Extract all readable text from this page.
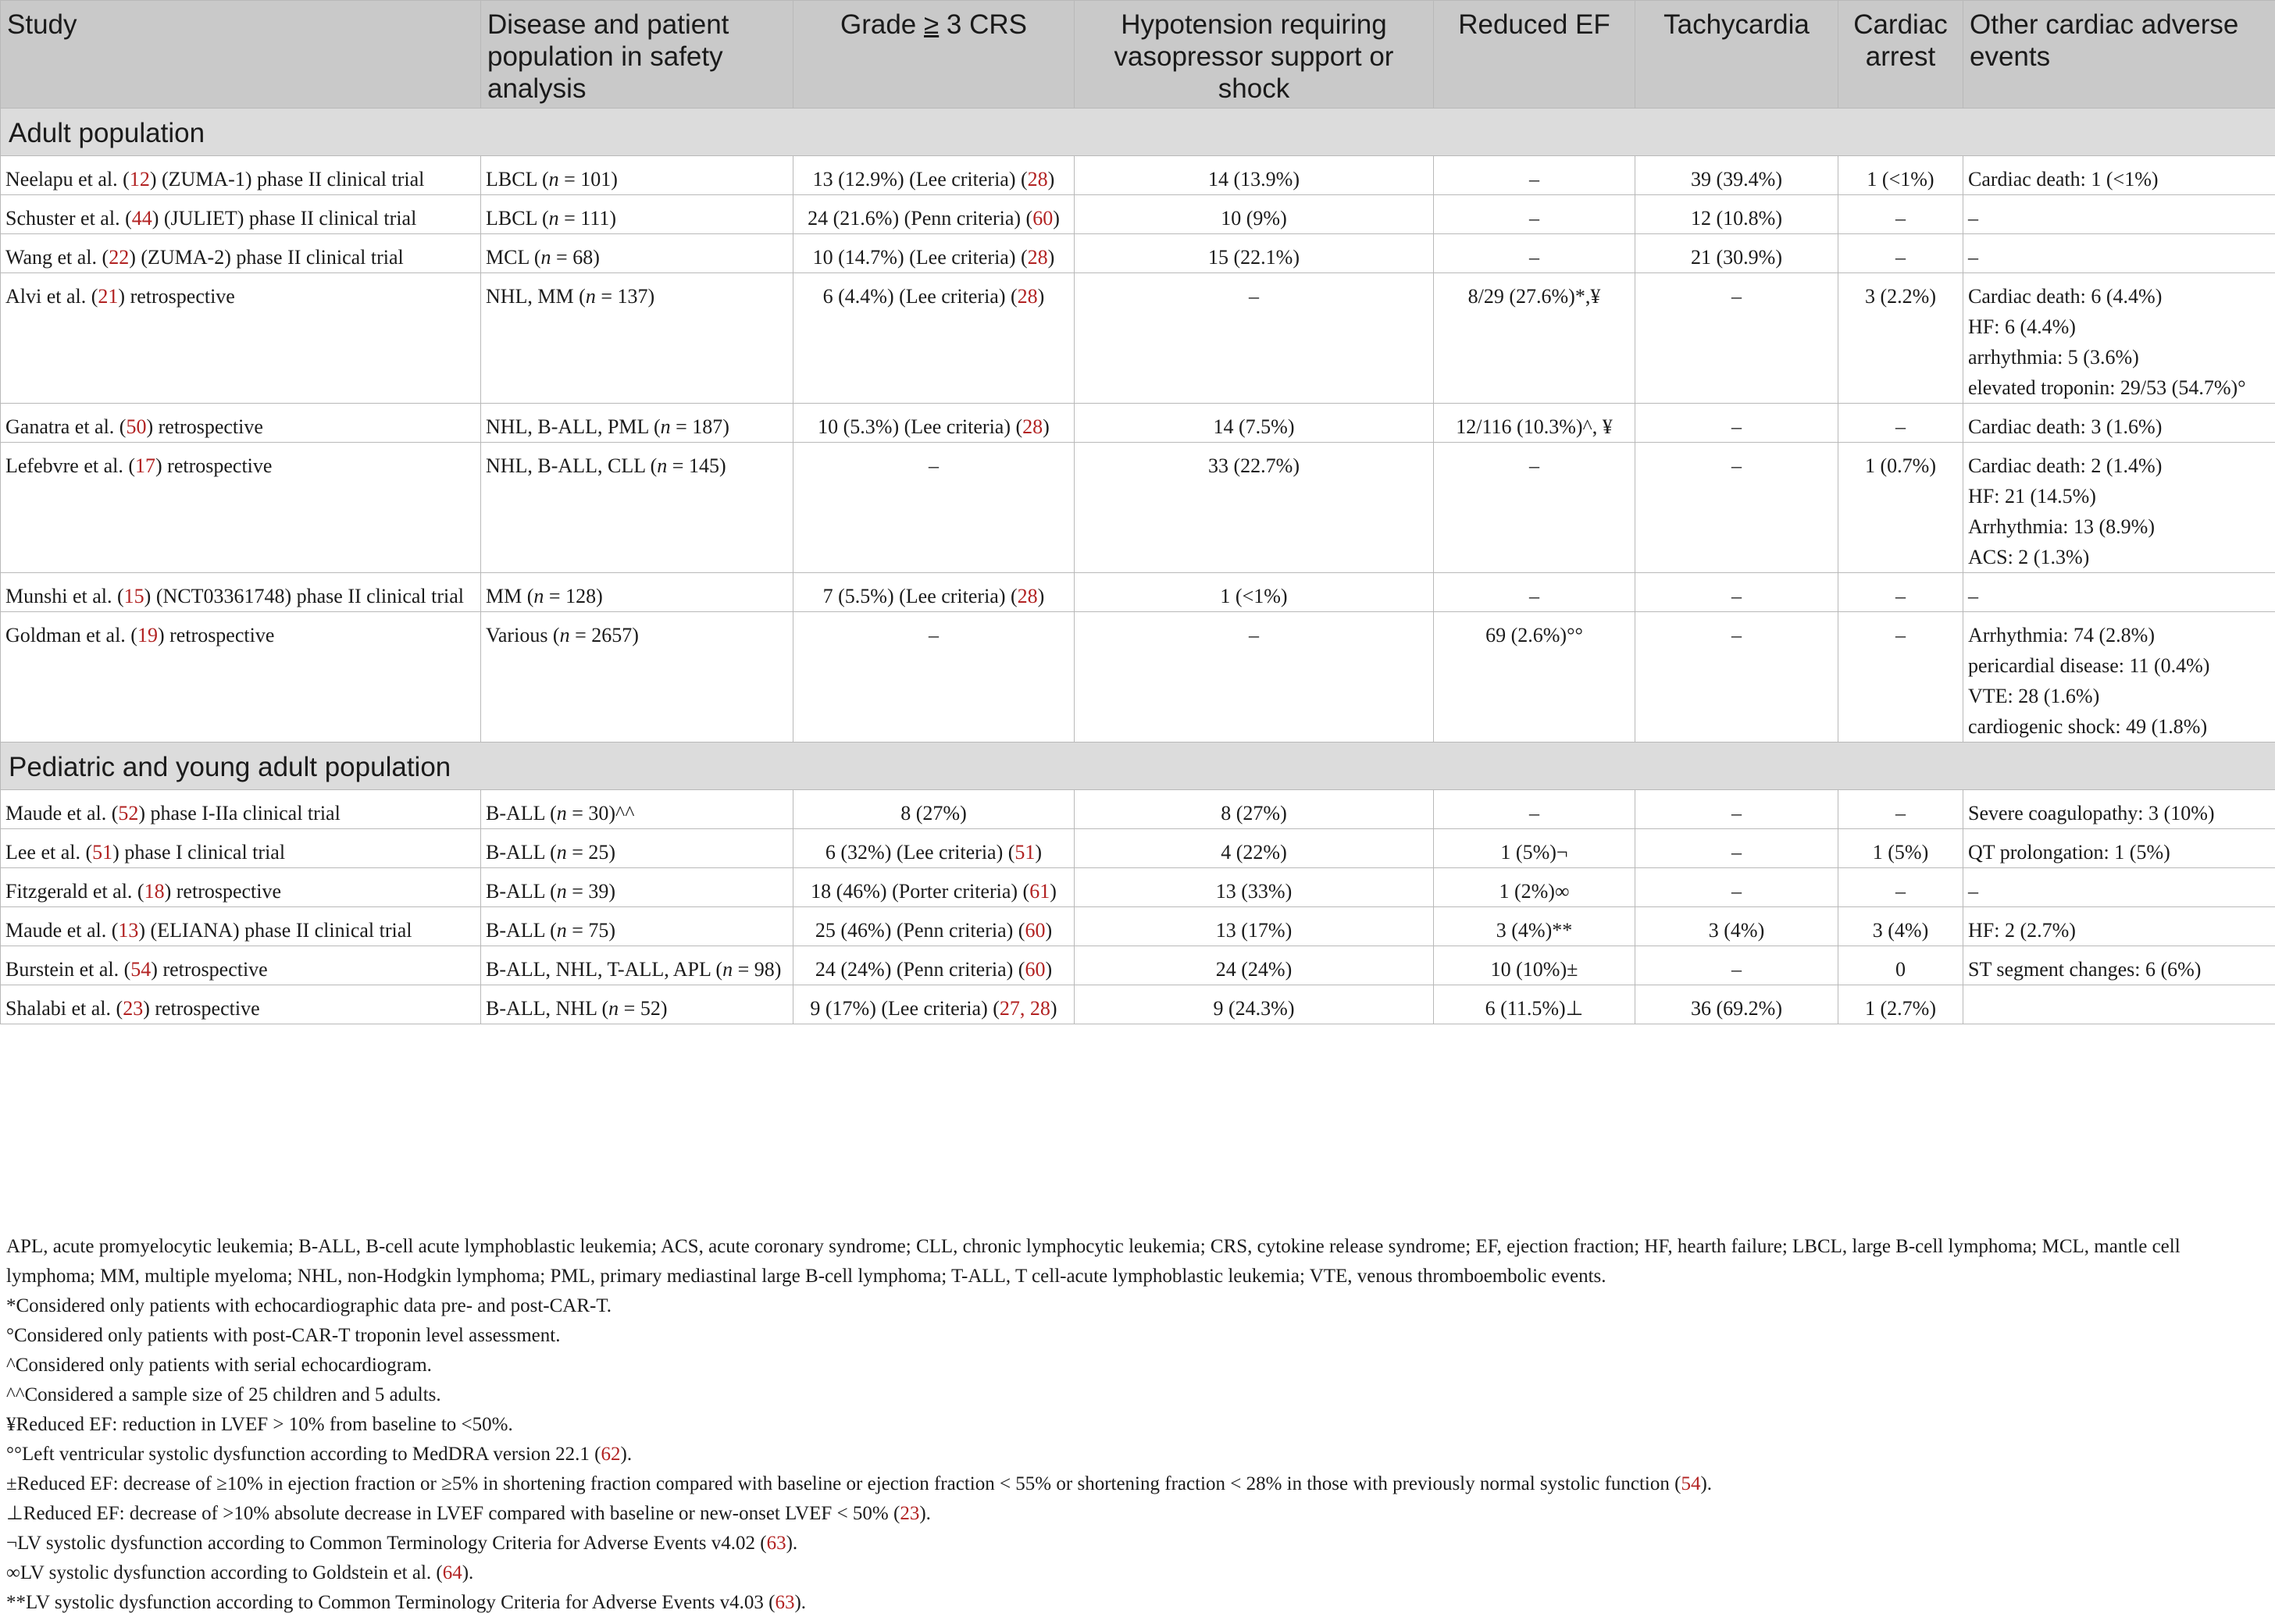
Study	Disease and patient population in safety analysis	Grade ≥ 3 CRS	Hypotension requiring vasopressor support or shock	Reduced EF	Tachycardia	Cardiac arrest	Other cardiac adverse events
Adult population							
Neelapu et al. (12) (ZUMA-1) phase II clinical trial	LBCL (n = 101)	13 (12.9%) (Lee criteria) (28)	14 (13.9%)	–	39 (39.4%)	1 (<1%)	Cardiac death: 1 (<1%)

Schuster et al. (44) (JULIET) phase II clinical trial	LBCL (n = 111)	24 (21.6%) (Penn criteria) (60)	10 (9%)	–	12 (10.8%)	–	–

Wang et al. (22) (ZUMA-2) phase II clinical trial	MCL (n = 68)	10 (14.7%) (Lee criteria) (28)	15 (22.1%)	–	21 (30.9%)	–	–

Alvi et al. (21) retrospective	NHL, MM (n = 137)	6 (4.4%) (Lee criteria) (28)	–	8/29 (27.6%)*,¥	–	3 (2.2%)	Cardiac death: 6 (4.4%)
HF: 6 (4.4%)
arrhythmia: 5 (3.6%)
elevated troponin: 29/53 (54.7%)°

Ganatra et al. (50) retrospective	NHL, B-ALL, PML (n = 187)	10 (5.3%) (Lee criteria) (28)	14 (7.5%)	12/116 (10.3%)^, ¥	–	–	Cardiac death: 3 (1.6%)

Lefebvre et al. (17) retrospective	NHL, B-ALL, CLL (n = 145)	–	33 (22.7%)	–	–	1 (0.7%)	Cardiac death: 2 (1.4%)
HF: 21 (14.5%)
Arrhythmia: 13 (8.9%)
ACS: 2 (1.3%)

Munshi et al. (15) (NCT03361748) phase II clinical trial	MM (n = 128)	7 (5.5%) (Lee criteria) (28)	1 (<1%)	–	–	–	–

Goldman et al. (19) retrospective	Various (n = 2657)	–	–	69 (2.6%)°°	–	–	Arrhythmia: 74 (2.8%)
pericardial disease: 11 (0.4%)
VTE: 28 (1.6%)
cardiogenic shock: 49 (1.8%)

Pediatric and young adult population							
Maude et al. (52) phase I-IIa clinical trial	B-ALL (n = 30)^^	8 (27%)	8 (27%)	–	–	–	Severe coagulopathy: 3 (10%)

Lee et al. (51) phase I clinical trial	B-ALL (n = 25)	6 (32%) (Lee criteria) (51)	4 (22%)	1 (5%)¬	–	1 (5%)	QT prolongation: 1 (5%)

Fitzgerald et al. (18) retrospective	B-ALL (n = 39)	18 (46%) (Porter criteria) (61)	13 (33%)	1 (2%)∞	–	–	–

Maude et al. (13) (ELIANA) phase II clinical trial	B-ALL (n = 75)	25 (46%) (Penn criteria) (60)	13 (17%)	3 (4%)**	3 (4%)	3 (4%)	HF: 2 (2.7%)

Burstein et al. (54) retrospective	B-ALL, NHL, T-ALL, APL (n = 98)	24 (24%) (Penn criteria) (60)	24 (24%)	10 (10%)±	–	0	ST segment changes: 6 (6%)

Shalabi et al. (23) retrospective	B-ALL, NHL (n = 52)	9 (17%) (Lee criteria) (27, 28)	9 (24.3%)	6 (11.5%)⊥	36 (69.2%)	1 (2.7%)	

APL, acute promyelocytic leukemia; B-ALL, B-cell acute lymphoblastic leukemia; ACS, acute coronary syndrome; CLL, chronic lymphocytic leukemia; CRS, cytokine release syndrome; EF, ejection fraction; HF, hearth failure; LBCL, large B-cell lymphoma; MCL, mantle cell lymphoma; MM, multiple myeloma; NHL, non-Hodgkin lymphoma; PML, primary mediastinal large B-cell lymphoma; T-ALL, T cell-acute lymphoblastic leukemia; VTE, venous thromboembolic events.

*Considered only patients with echocardiographic data pre- and post-CAR-T.

°Considered only patients with post-CAR-T troponin level assessment.

^Considered only patients with serial echocardiogram.

^^Considered a sample size of 25 children and 5 adults.

¥Reduced EF: reduction in LVEF > 10% from baseline to <50%.

°°Left ventricular systolic dysfunction according to MedDRA version 22.1 (62).

±Reduced EF: decrease of ≥10% in ejection fraction or ≥5% in shortening fraction compared with baseline or ejection fraction < 55% or shortening fraction < 28% in those with previously normal systolic function (54).

⊥Reduced EF: decrease of >10% absolute decrease in LVEF compared with baseline or new-onset LVEF < 50% (23).

¬LV systolic dysfunction according to Common Terminology Criteria for Adverse Events v4.02 (63).

∞LV systolic dysfunction according to Goldstein et al. (64).

**LV systolic dysfunction according to Common Terminology Criteria for Adverse Events v4.03 (63).
